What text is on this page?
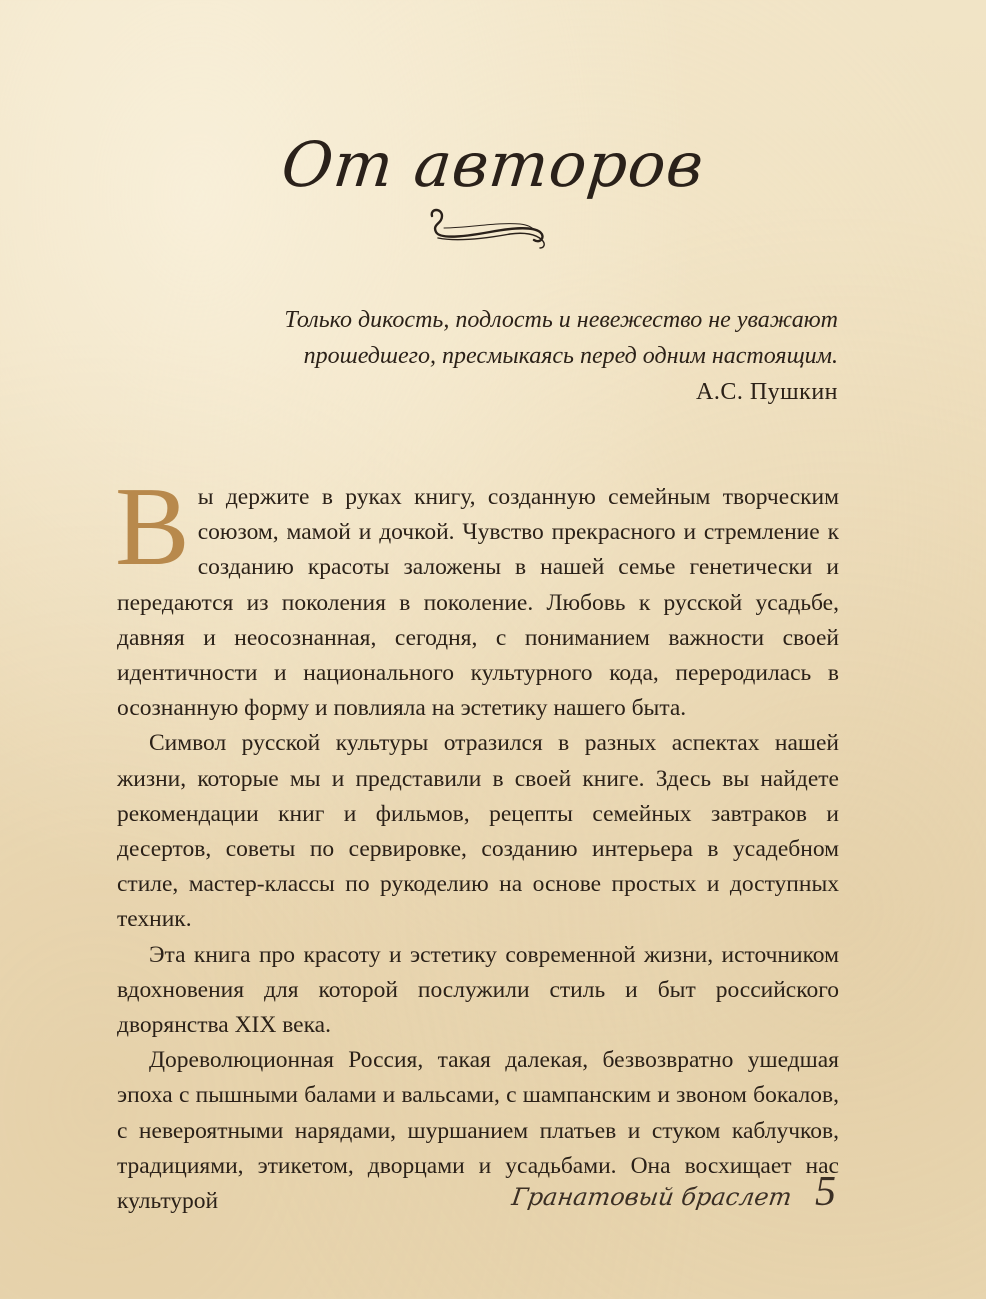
От авторов
Только дикость, подлость и невежество не уважают
прошедшего, пресмыкаясь перед одним настоящим.
А.С. Пушкин

Вы держите в руках книгу, созданную семейным творческим союзом, мамой и дочкой. Чувство прекрасного и стремление к созданию красоты заложены в нашей семье генетически и передаются из поколения в поколение. Любовь к русской усадьбе, давняя и неосознанная, сегодня, с пониманием важности своей идентичности и национального культурного кода, переродилась в осознанную форму и повлияла на эстетику нашего быта.

Символ русской культуры отразился в разных аспектах нашей жизни, которые мы и представили в своей книге. Здесь вы найдете рекомендации книг и фильмов, рецепты семейных завтраков и десертов, советы по сервировке, созданию интерьера в усадебном стиле, мастер-классы по рукоделию на основе простых и доступных техник.

Эта книга про красоту и эстетику современной жизни, источником вдохновения для которой послужили стиль и быт российского дворянства XIX века.

Дореволюционная Россия, такая далекая, безвозвратно ушедшая эпоха с пышными балами и вальсами, с шампанским и звоном бокалов, с невероятными нарядами, шуршанием платьев и стуком каблучков, традициями, этикетом, дворцами и усадьбами. Она восхищает нас культурой	Гранатовый браслет 5
